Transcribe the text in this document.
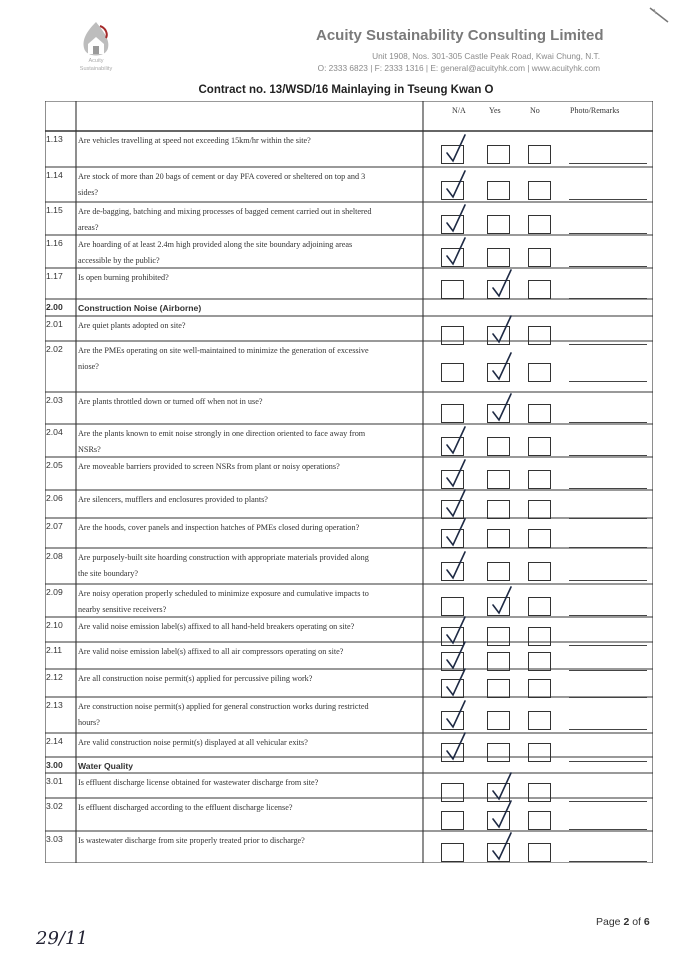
Acuity
Sustainability
Acuity Sustainability Consulting Limited
Unit 1908, Nos. 301-305 Castle Peak Road, Kwai Chung, N.T.
O: 2333 6823 | F: 2333 1316 | E: general@acuityhk.com | www.acuityhk.com
Contract no. 13/WSD/16 Mainlaying in Tseung Kwan O
N/A	Yes	No	Photo/Remarks
1.13	Are vehicles travelling at speed not exceeding 15km/hr within the site?
1.14	Are stock of more than 20 bags of cement or day PFA covered or sheltered on top and 3
sides?
1.15	Are de-bagging, batching and mixing processes of bagged cement carried out in sheltered
areas?
1.16	Are hoarding of at least 2.4m high provided along the site boundary adjoining areas
accessible by the public?
1.17	Is open burning prohibited?
2.00	Construction Noise (Airborne)
2.01	Are quiet plants adopted on site?
2.02	Are the PMEs operating on site well-maintained to minimize the generation of excessive
niose?
2.03	Are plants throttled down or turned off when not in use?
2.04	Are the plants known to emit noise strongly in one direction oriented to face away from
NSRs?
2.05	Are moveable barriers provided to screen NSRs from plant or noisy operations?
2.06	Are silencers, mufflers and enclosures provided to plants?
2.07	Are the hoods, cover panels and inspection hatches of PMEs closed during operation?
2.08	Are purposely-built site hoarding construction with appropriate materials provided along
the site boundary?
2.09	Are noisy operation properly scheduled to minimize exposure and cumulative impacts to
nearby sensitive receivers?
2.10	Are valid noise emission label(s) affixed to all hand-held breakers operating on site?
2.11	Are valid noise emission label(s) affixed to all air compressors operating on site?
2.12	Are all construction noise permit(s) applied for percussive piling work?
2.13	Are construction noise permit(s) applied for general construction works during restricted
hours?
2.14	Are valid construction noise permit(s) displayed at all vehicular exits?
3.00	Water Quality
3.01	Is effluent discharge license obtained for wastewater discharge from site?
3.02	Is effluent discharged according to the effluent discharge license?
3.03	Is wastewater discharge from site properly treated prior to discharge?
Page 2 of 6
29/11
